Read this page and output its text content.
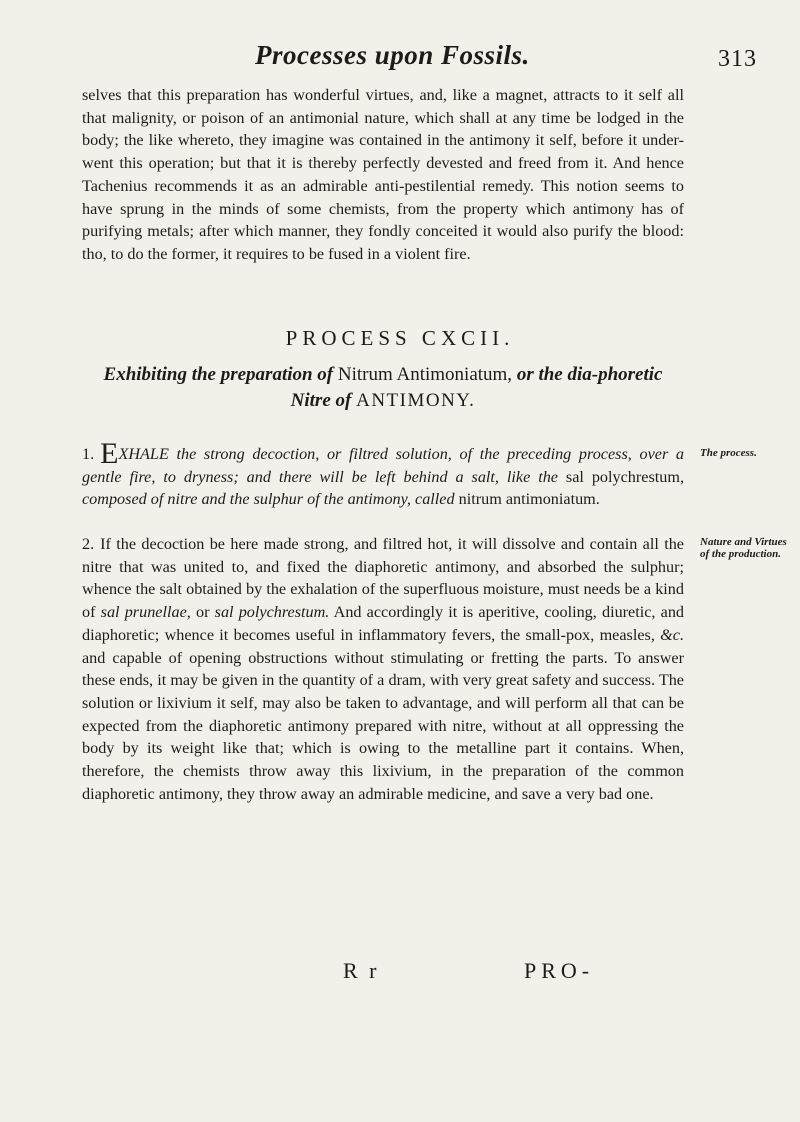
Processes upon Fossils.	313
selves that this preparation has wonderful virtues, and, like a magnet, attracts to it self all that malignity, or poison of an antimonial nature, which shall at any time be lodged in the body; the like whereto, they imagine was contained in the antimony it self, before it under-went this operation; but that it is thereby perfectly devested and freed from it. And hence Tachenius recommends it as an admirable anti-pestilential remedy. This notion seems to have sprung in the minds of some chemists, from the property which antimony has of purifying metals; after which manner, they fondly conceited it would also purify the blood: tho, to do the former, it requires to be fused in a violent fire.
PROCESS CXCII.
Exhibiting the preparation of Nitrum Antimoniatum, or the dia-phoretic Nitre of ANTIMONY.
1. EXHALE the strong decoction, or filtred solution, of the preceding process, over a gentle fire, to dryness; and there will be left behind a salt, like the sal polychrestum, composed of nitre and the sulphur of the antimony, called nitrum antimoniatum.
2. If the decoction be here made strong, and filtred hot, it will dissolve and contain all the nitre that was united to, and fixed the diaphoretic antimony, and absorbed the sulphur; whence the salt obtained by the exhalation of the superfluous moisture, must needs be a kind of sal prunellae, or sal polychrestum. And accordingly it is aperitive, cooling, diuretic, and diaphoretic; whence it becomes useful in inflammatory fevers, the small-pox, measles, &c. and capable of opening obstructions without stimulating or fretting the parts. To answer these ends, it may be given in the quantity of a dram, with very great safety and success. The solution or lixivium it self, may also be taken to advantage, and will perform all that can be expected from the diaphoretic antimony prepared with nitre, without at all oppressing the body by its weight like that; which is owing to the metalline part it contains. When, therefore, the chemists throw away this lixivium, in the preparation of the common diaphoretic antimony, they throw away an admirable medicine, and save a very bad one.
The process.
Nature and Virtues of the production.
R r	PRO-
